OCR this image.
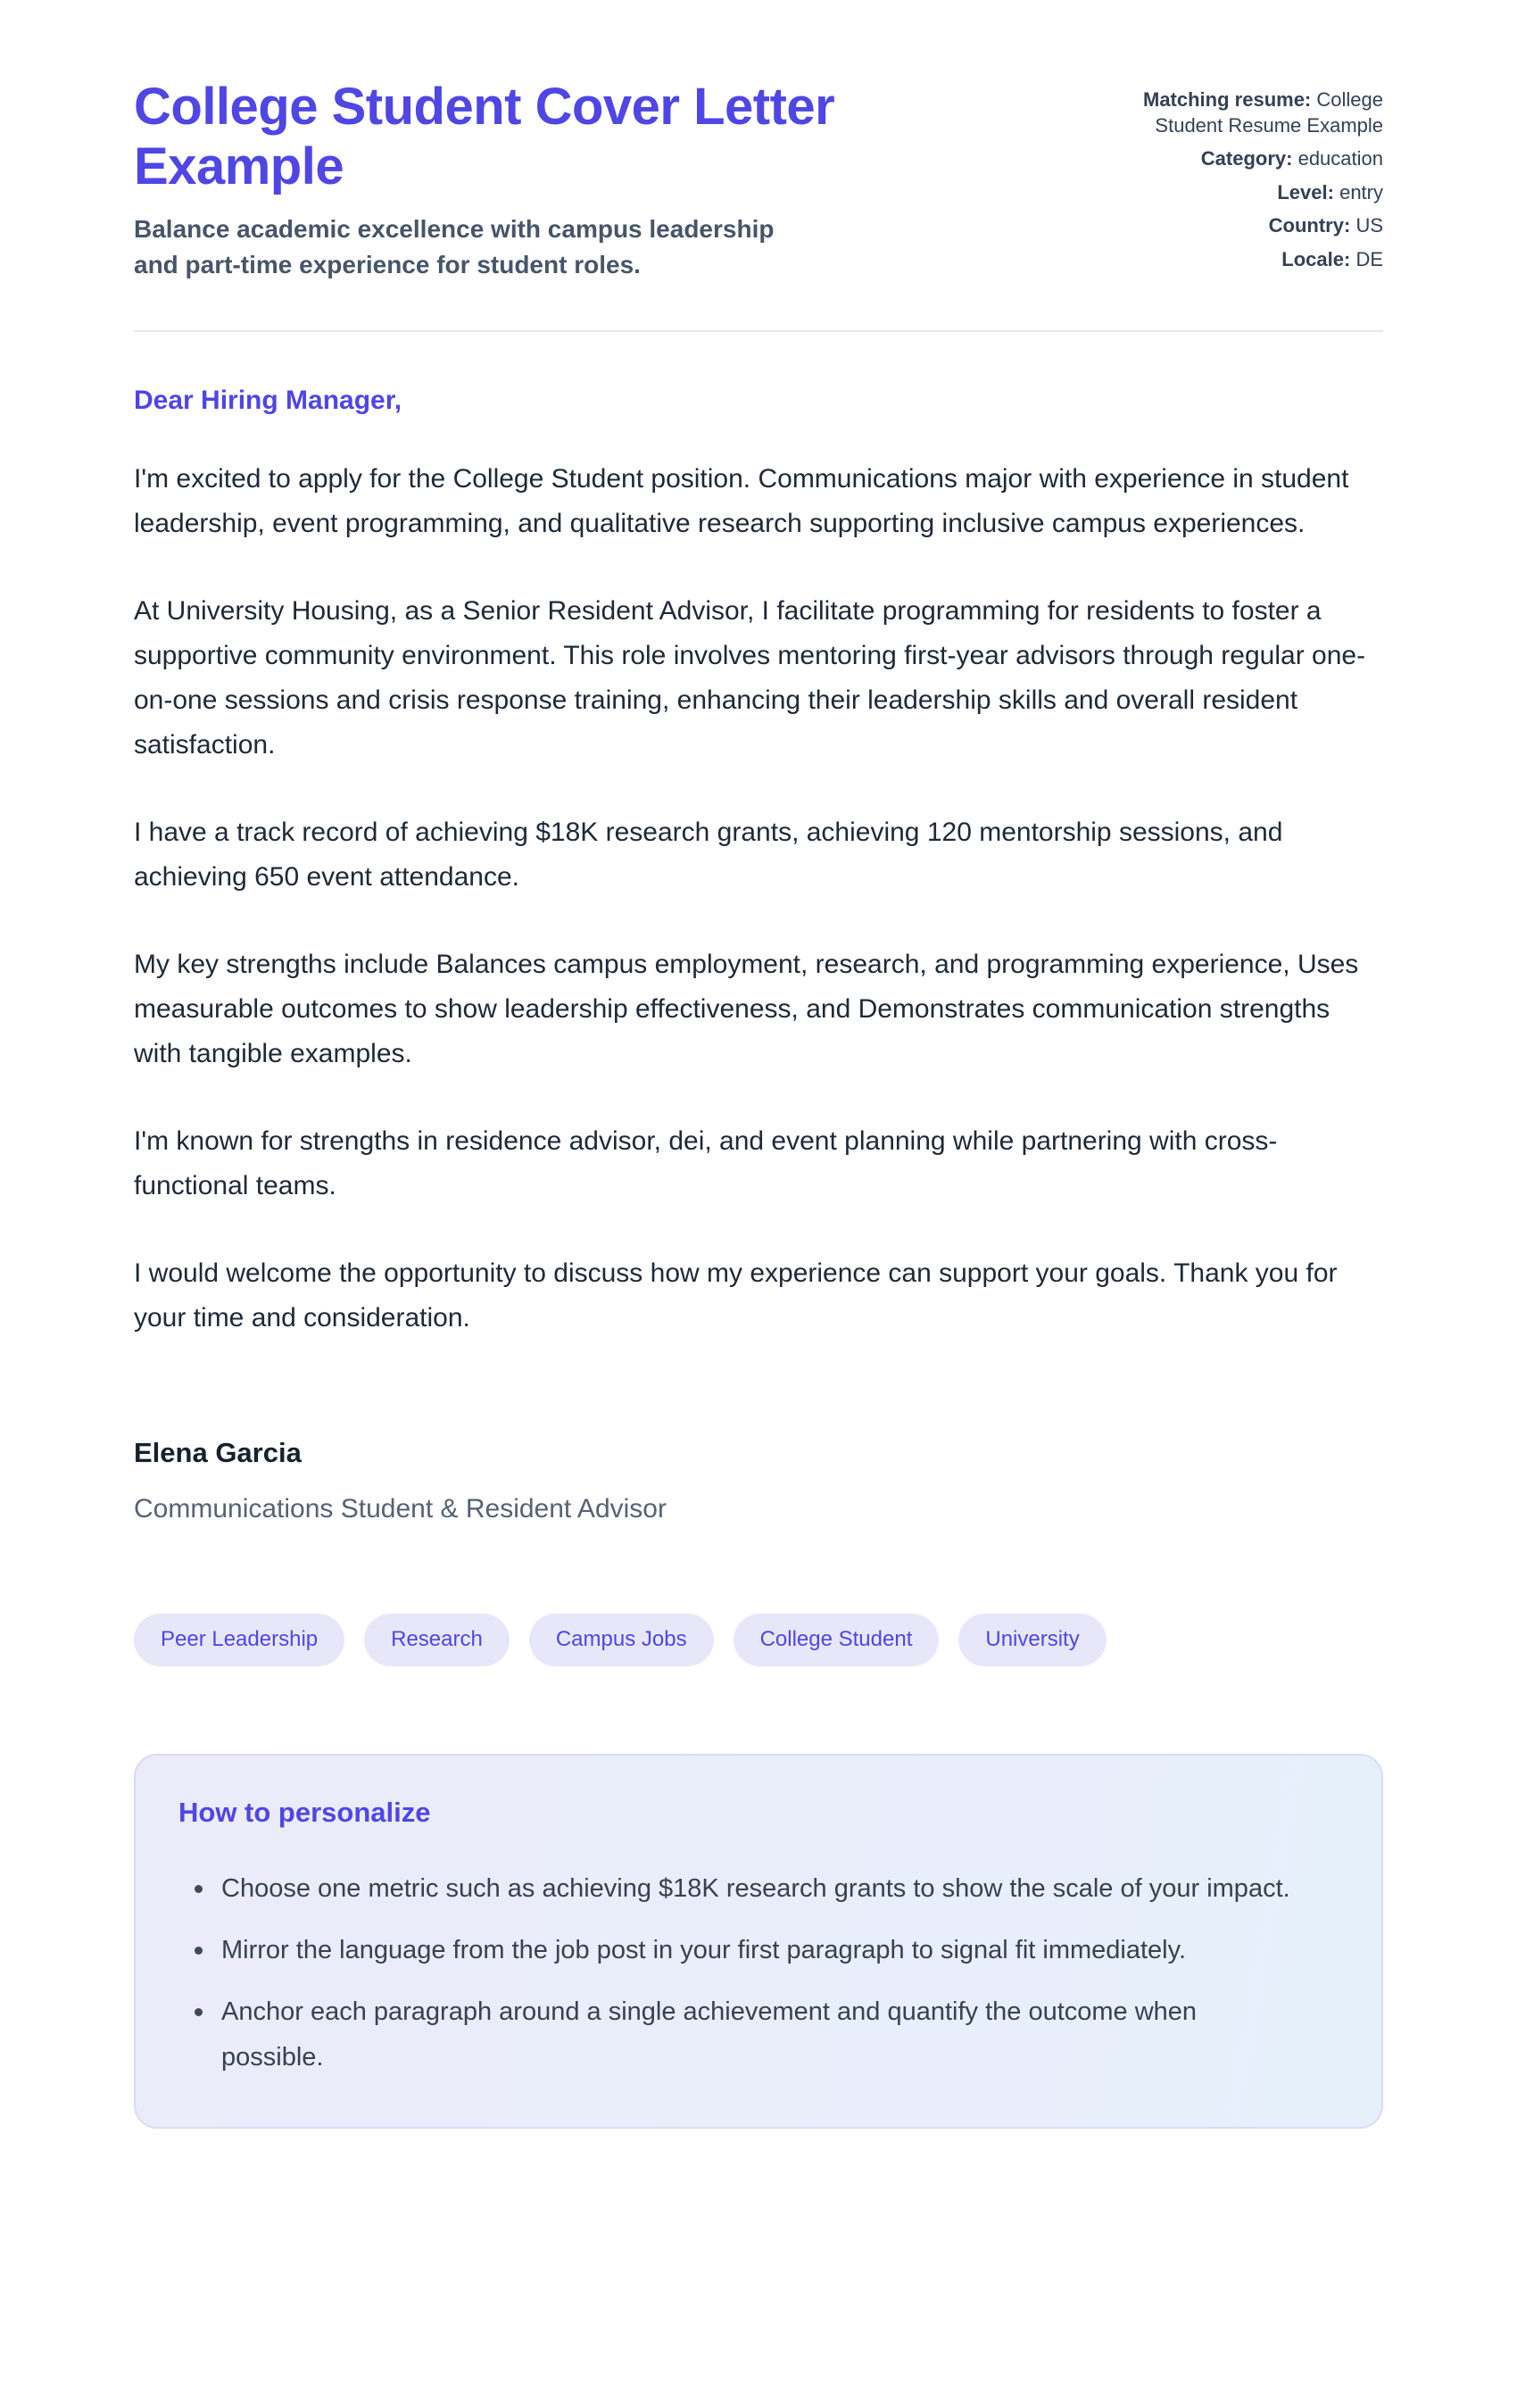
College Student Cover Letter Example

Balance academic excellence with campus leadership and part-time experience for student roles.

Matching resume: College Student Resume Example
Category: education
Level: entry
Country: US
Locale: DE

Dear Hiring Manager,

I'm excited to apply for the College Student position. Communications major with experience in student leadership, event programming, and qualitative research supporting inclusive campus experiences.

At University Housing, as a Senior Resident Advisor, I facilitate programming for residents to foster a supportive community environment. This role involves mentoring first-year advisors through regular one-on-one sessions and crisis response training, enhancing their leadership skills and overall resident satisfaction.

I have a track record of achieving $18K research grants, achieving 120 mentorship sessions, and achieving 650 event attendance.

My key strengths include Balances campus employment, research, and programming experience, Uses measurable outcomes to show leadership effectiveness, and Demonstrates communication strengths with tangible examples.

I'm known for strengths in residence advisor, dei, and event planning while partnering with cross-functional teams.

I would welcome the opportunity to discuss how my experience can support your goals. Thank you for your time and consideration.

Elena Garcia

Communications Student & Resident Advisor

Peer Leadership	Research	Campus Jobs	College Student	University
How to personalize
Choose one metric such as achieving $18K research grants to show the scale of your impact.
Mirror the language from the job post in your first paragraph to signal fit immediately.
Anchor each paragraph around a single achievement and quantify the outcome when possible.
